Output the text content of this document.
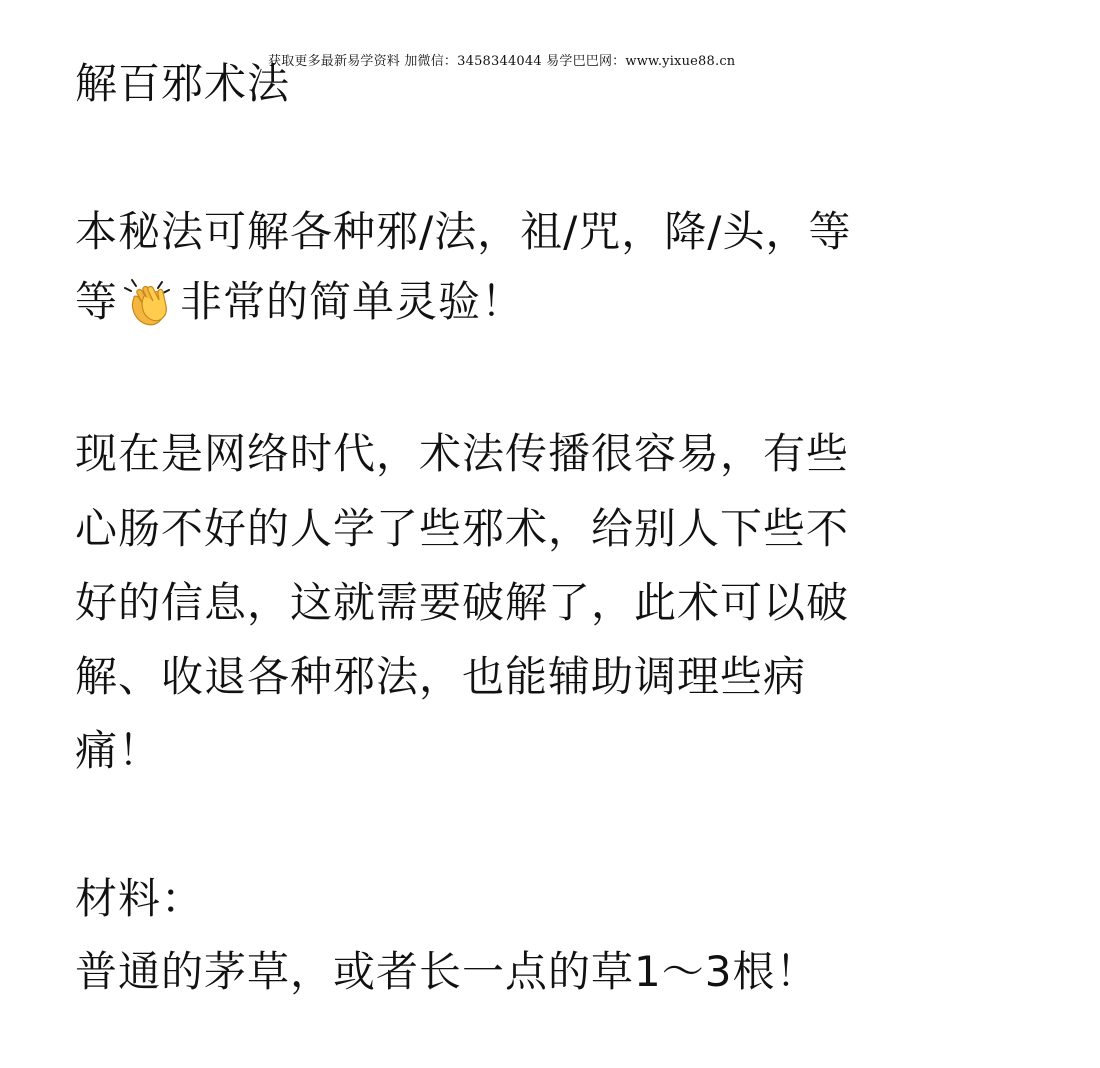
获取更多最新易学资料 加微信：3458344044 易学巴巴网：www.yixue88.cn
解百邪术法
本秘法可解各种邪/法，祖/咒，降/头，等
等 非常的简单灵验！
现在是网络时代，术法传播很容易，有些
心肠不好的人学了些邪术，给别人下些不
好的信息，这就需要破解了，此术可以破
解、收退各种邪法，也能辅助调理些病
痛！
材料：
普通的茅草，或者长一点的草1～3根！
